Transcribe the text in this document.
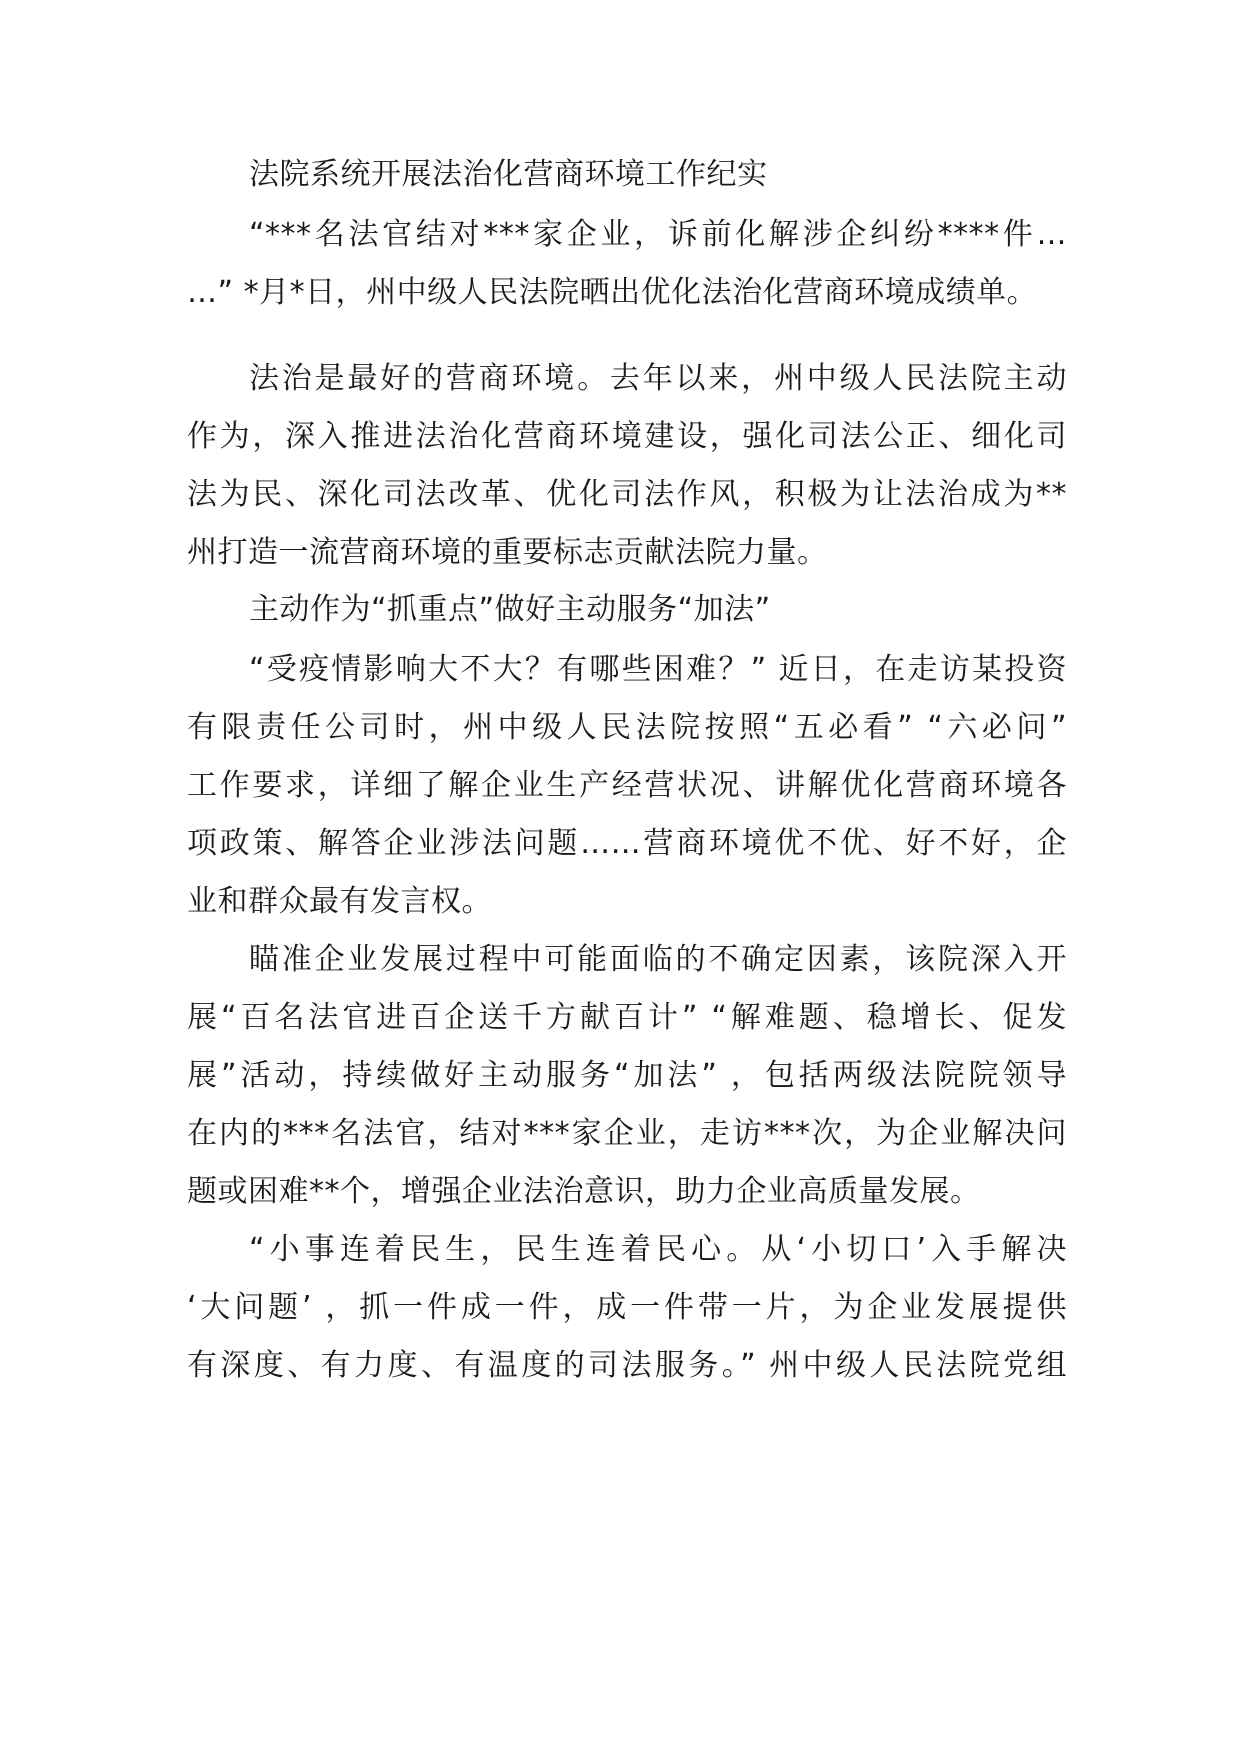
法院系统开展法治化营商环境工作纪实
“***名法官结对***家企业，诉前化解涉企纠纷****件…
…” *月*日，州中级人民法院晒出优化法治化营商环境成绩单。
法治是最好的营商环境。去年以来，州中级人民法院主动
作为，深入推进法治化营商环境建设，强化司法公正、细化司
法为民、深化司法改革、优化司法作风，积极为让法治成为**
州打造一流营商环境的重要标志贡献法院力量。
主动作为“抓重点”做好主动服务“加法”
“受疫情影响大不大？有哪些困难？” 近日，在走访某投资
有限责任公司时，州中级人民法院按照“五必看” “六必问”
工作要求，详细了解企业生产经营状况、讲解优化营商环境各
项政策、解答企业涉法问题……营商环境优不优、好不好，企
业和群众最有发言权。
瞄准企业发展过程中可能面临的不确定因素，该院深入开
展“百名法官进百企送千方献百计” “解难题、稳增长、促发
展”活动，持续做好主动服务“加法” ，包括两级法院院领导
在内的***名法官，结对***家企业，走访***次，为企业解决问
题或困难**个，增强企业法治意识，助力企业高质量发展。
“小事连着民生，民生连着民心。从‘小切口’入手解决
‘大问题’ ，抓一件成一件，成一件带一片，为企业发展提供
有深度、有力度、有温度的司法服务。” 州中级人民法院党组
